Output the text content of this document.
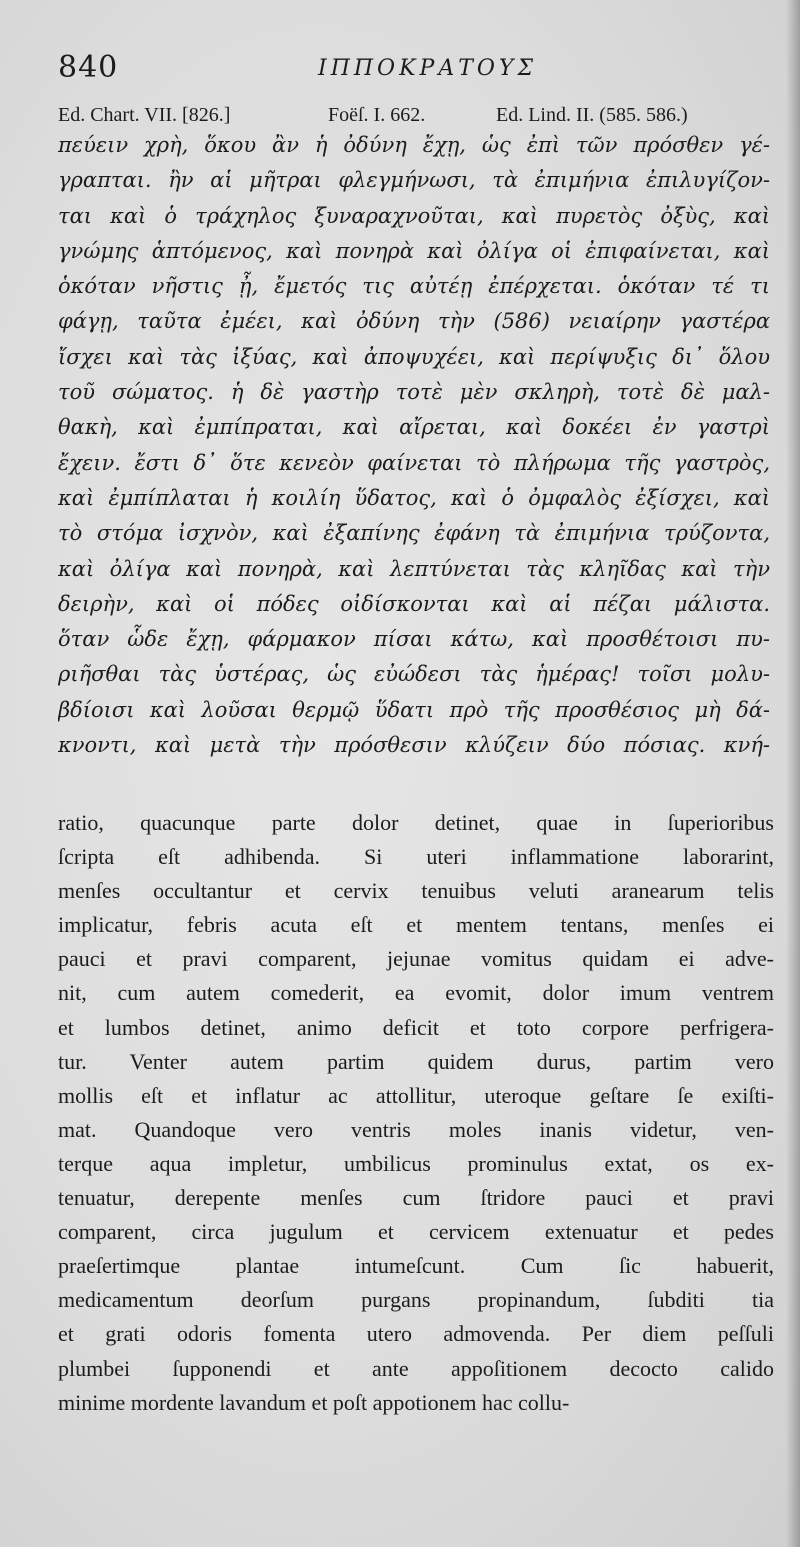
840	ΙΠΠΟΚΡΑΤΟΥΣ
Ed. Chart. VII. [826.]	Foëſ. I. 662.	Ed. Lind. II. (585. 586.)
πεύειν χρὴ, ὅκου ἂν ἡ ὀδύνη ἔχῃ, ὡς ἐπὶ τῶν πρόσθεν γέ-
γραπται. ἢν αἱ μῆτραι φλεγμήνωσι, τὰ ἐπιμήνια ἐπιλυγίζον-
ται καὶ ὁ τράχηλος ξυναραχνοῦται, καὶ πυρετὸς ὀξὺς, καὶ
γνώμης ἁπτόμενος, καὶ πονηρὰ καὶ ὀλίγα οἱ ἐπιφαίνεται, καὶ
ὁκόταν νῆστις ᾖ, ἔμετός τις αὐτέῃ ἐπέρχεται. ὁκόταν τέ τι
φάγῃ, ταῦτα ἐμέει, καὶ ὀδύνη τὴν (586) νειαίρην γαστέρα
ἴσχει καὶ τὰς ἰξύας, καὶ ἀποψυχέει, καὶ περίψυξις δι᾽ ὅλου
τοῦ σώματος. ἡ δὲ γαστὴρ τοτὲ μὲν σκληρὴ, τοτὲ δὲ μαλ-
θακὴ, καὶ ἐμπίπραται, καὶ αἴρεται, καὶ δοκέει ἐν γαστρὶ
ἔχειν. ἔστι δ᾽ ὅτε κενεὸν φαίνεται τὸ πλήρωμα τῆς γαστρὸς,
καὶ ἐμπίπλαται ἡ κοιλίη ὕδατος, καὶ ὁ ὀμφαλὸς ἐξίσχει, καὶ
τὸ στόμα ἰσχνὸν, καὶ ἐξαπίνης ἐφάνη τὰ ἐπιμήνια τρύζοντα,
καὶ ὀλίγα καὶ πονηρὰ, καὶ λεπτύνεται τὰς κληῖδας καὶ τὴν
δειρὴν, καὶ οἱ πόδες οἰδίσκονται καὶ αἱ πέζαι μάλιστα.
ὅταν ὧδε ἔχῃ, φάρμακον πίσαι κάτω, καὶ προσθέτοισι πυ-
ριῆσθαι τὰς ὑστέρας, ὡς εὐώδεσι τὰς ἡμέρας! τοῖσι μολυ-
βδίοισι καὶ λοῦσαι θερμῷ ὕδατι πρὸ τῆς προσθέσιος μὴ δά-
κνοντι, καὶ μετὰ τὴν πρόσθεσιν κλύζειν δύο πόσιας. κνή-
ratio, quacunque parte dolor detinet, quae in ſuperioribus
ſcripta eſt adhibenda. Si uteri inflammatione laborarint,
menſes occultantur et cervix tenuibus veluti aranearum telis
implicatur, febris acuta eſt et mentem tentans, menſes ei
pauci et pravi comparent, jejunae vomitus quidam ei adve-
nit, cum autem comederit, ea evomit, dolor imum ventrem
et lumbos detinet, animo deficit et toto corpore perfrigera-
tur. Venter autem partim quidem durus, partim vero
mollis eſt et inflatur ac attollitur, uteroque geſtare ſe exiſti-
mat. Quandoque vero ventris moles inanis videtur, ven-
terque aqua impletur, umbilicus prominulus extat, os ex-
tenuatur, derepente menſes cum ſtridore pauci et pravi
comparent, circa jugulum et cervicem extenuatur et pedes
praeſertimque plantae intumeſcunt. Cum ſic habuerit,
medicamentum deorſum purgans propinandum, ſubditi tia
et grati odoris fomenta utero admovenda. Per diem peſſuli
plumbei ſupponendi et ante appoſitionem decocto calido
minime mordente lavandum et poſt appotionem hac collu-
